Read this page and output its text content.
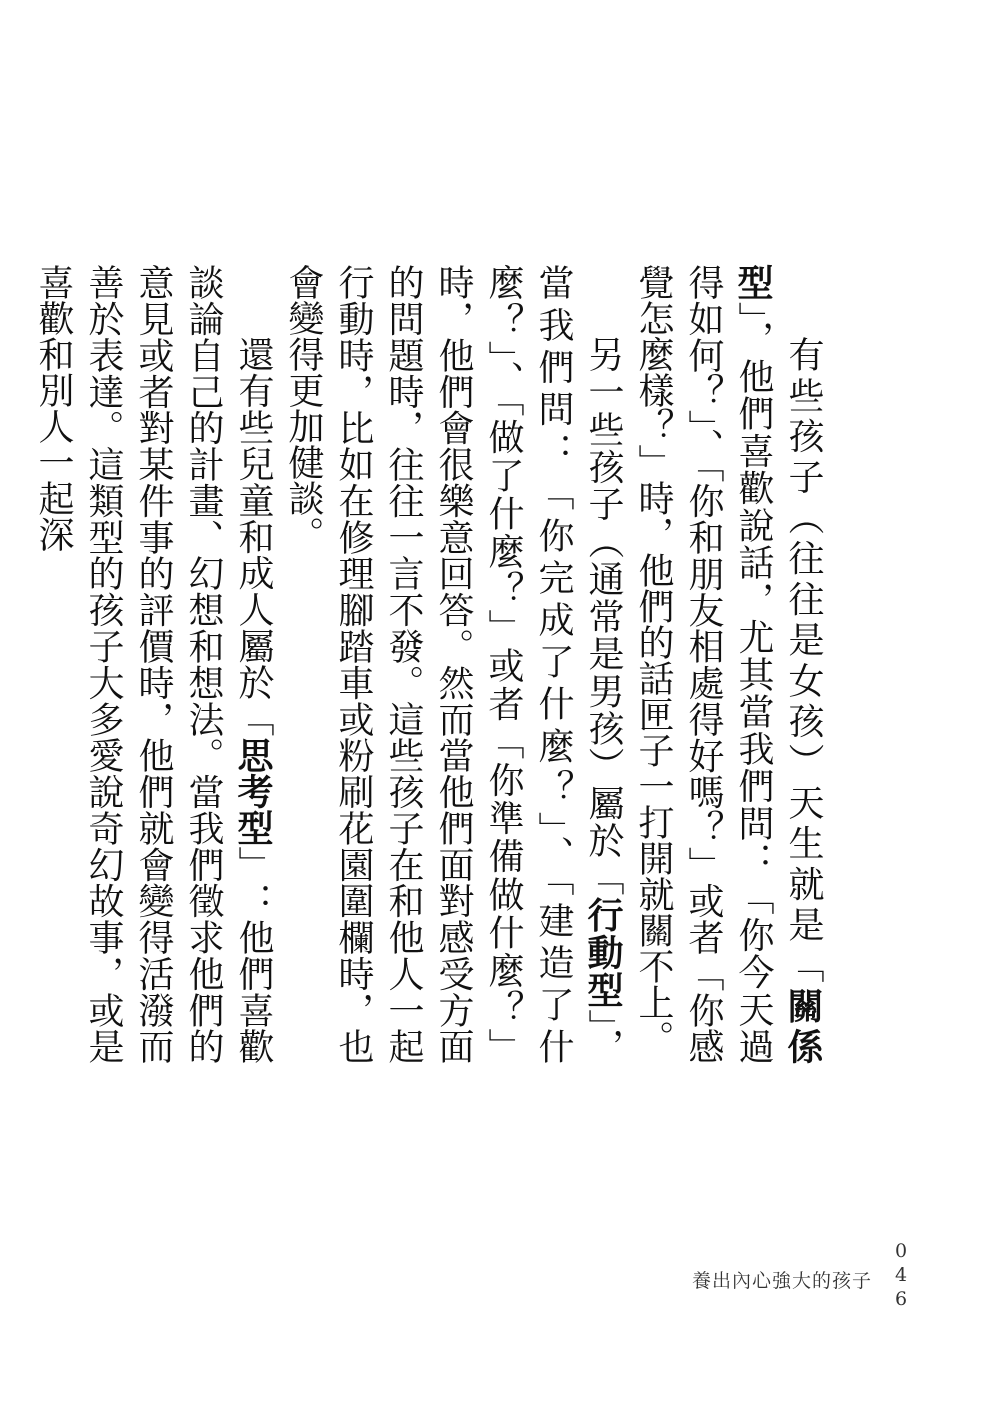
有些孩子（往往是女孩）天生就是「關係型」，他們喜歡說話，尤其當我們問：「你今天過得如何？」、「你和朋友相處得好嗎？」或者「你感覺怎麼樣？」時，他們的話匣子一打開就關不上。

另一些孩子（通常是男孩）屬於「行動型」，當我們問：「你完成了什麼？」、「建造了什麼？」、「做了什麼？」或者「你準備做什麼？」時，他們會很樂意回答。然而當他們面對感受方面的問題時，往往一言不發。這些孩子在和他人一起行動時，比如在修理腳踏車或粉刷花園圍欄時，也會變得更加健談。

還有些兒童和成人屬於「思考型」：他們喜歡談論自己的計畫、幻想和想法。當我們徵求他們的意見或者對某件事的評價時，他們就會變得活潑而善於表達。這類型的孩子大多愛說奇幻故事，或是喜歡和別人一起深

養出內心強大的孩子 046
